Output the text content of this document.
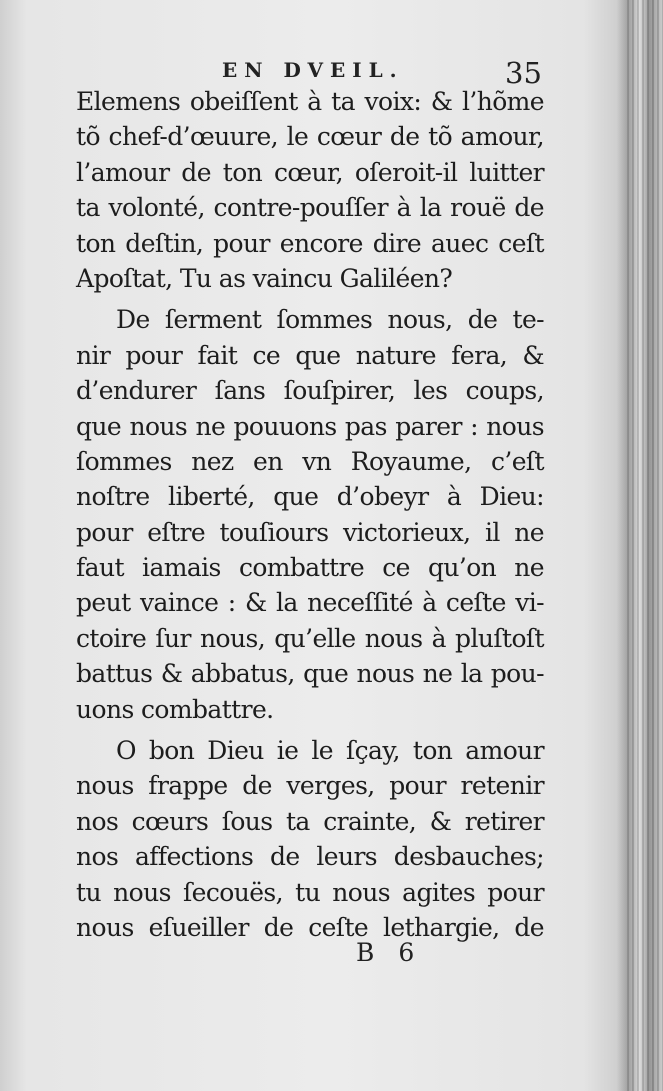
EN DVEIL.	35
Elemens obeiſſent à ta voix: & l’hõme
tõ chef-d’œuure, le cœur de tõ amour,
l’amour de ton cœur, oſeroit-il luitter
ta volonté, contre-pouſſer à la rouë de
ton deſtin, pour encore dire auec ceſt
Apoſtat, Tu as vaincu Galiléen?
De ſerment ſommes nous, de te-
nir pour fait ce que nature fera, &
d’endurer ſans ſouſpirer, les coups,
que nous ne pouuons pas parer : nous
ſommes nez en vn Royaume, c’eſt
noſtre liberté, que d’obeyr à Dieu:
pour eſtre touſiours victorieux, il ne
faut iamais combattre ce qu’on ne
peut vaince : & la neceſſité à ceſte vi-
ctoire ſur nous, qu’elle nous à pluſtoſt
battus & abbatus, que nous ne la pou-
uons combattre.
O bon Dieu ie le ſçay, ton amour
nous frappe de verges, pour retenir
nos cœurs ſous ta crainte, & retirer
nos affections de leurs desbauches;
tu nous ſecouës, tu nous agites pour
nous eſueiller de ceſte lethargie, de
B 6
